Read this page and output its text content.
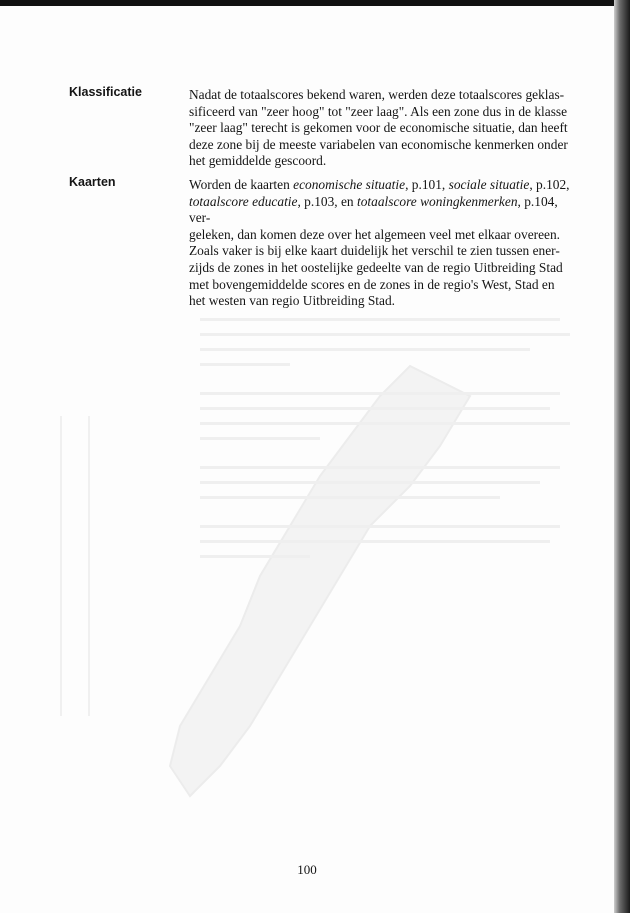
Klassificatie	Nadat de totaalscores bekend waren, werden deze totaalscores geklas-
sificeerd van "zeer hoog" tot "zeer laag". Als een zone dus in de klasse
"zeer laag" terecht is gekomen voor de economische situatie, dan heeft
deze zone bij de meeste variabelen van economische kenmerken onder
het gemiddelde gescoord.
Kaarten	Worden de kaarten economische situatie, p.101, sociale situatie, p.102,
totaalscore educatie, p.103, en totaalscore woningkenmerken, p.104, ver-
geleken, dan komen deze over het algemeen veel met elkaar overeen.
Zoals vaker is bij elke kaart duidelijk het verschil te zien tussen ener-
zijds de zones in het oostelijke gedeelte van de regio Uitbreiding Stad
met bovengemiddelde scores en de zones in de regio's West, Stad en
het westen van regio Uitbreiding Stad.
100
